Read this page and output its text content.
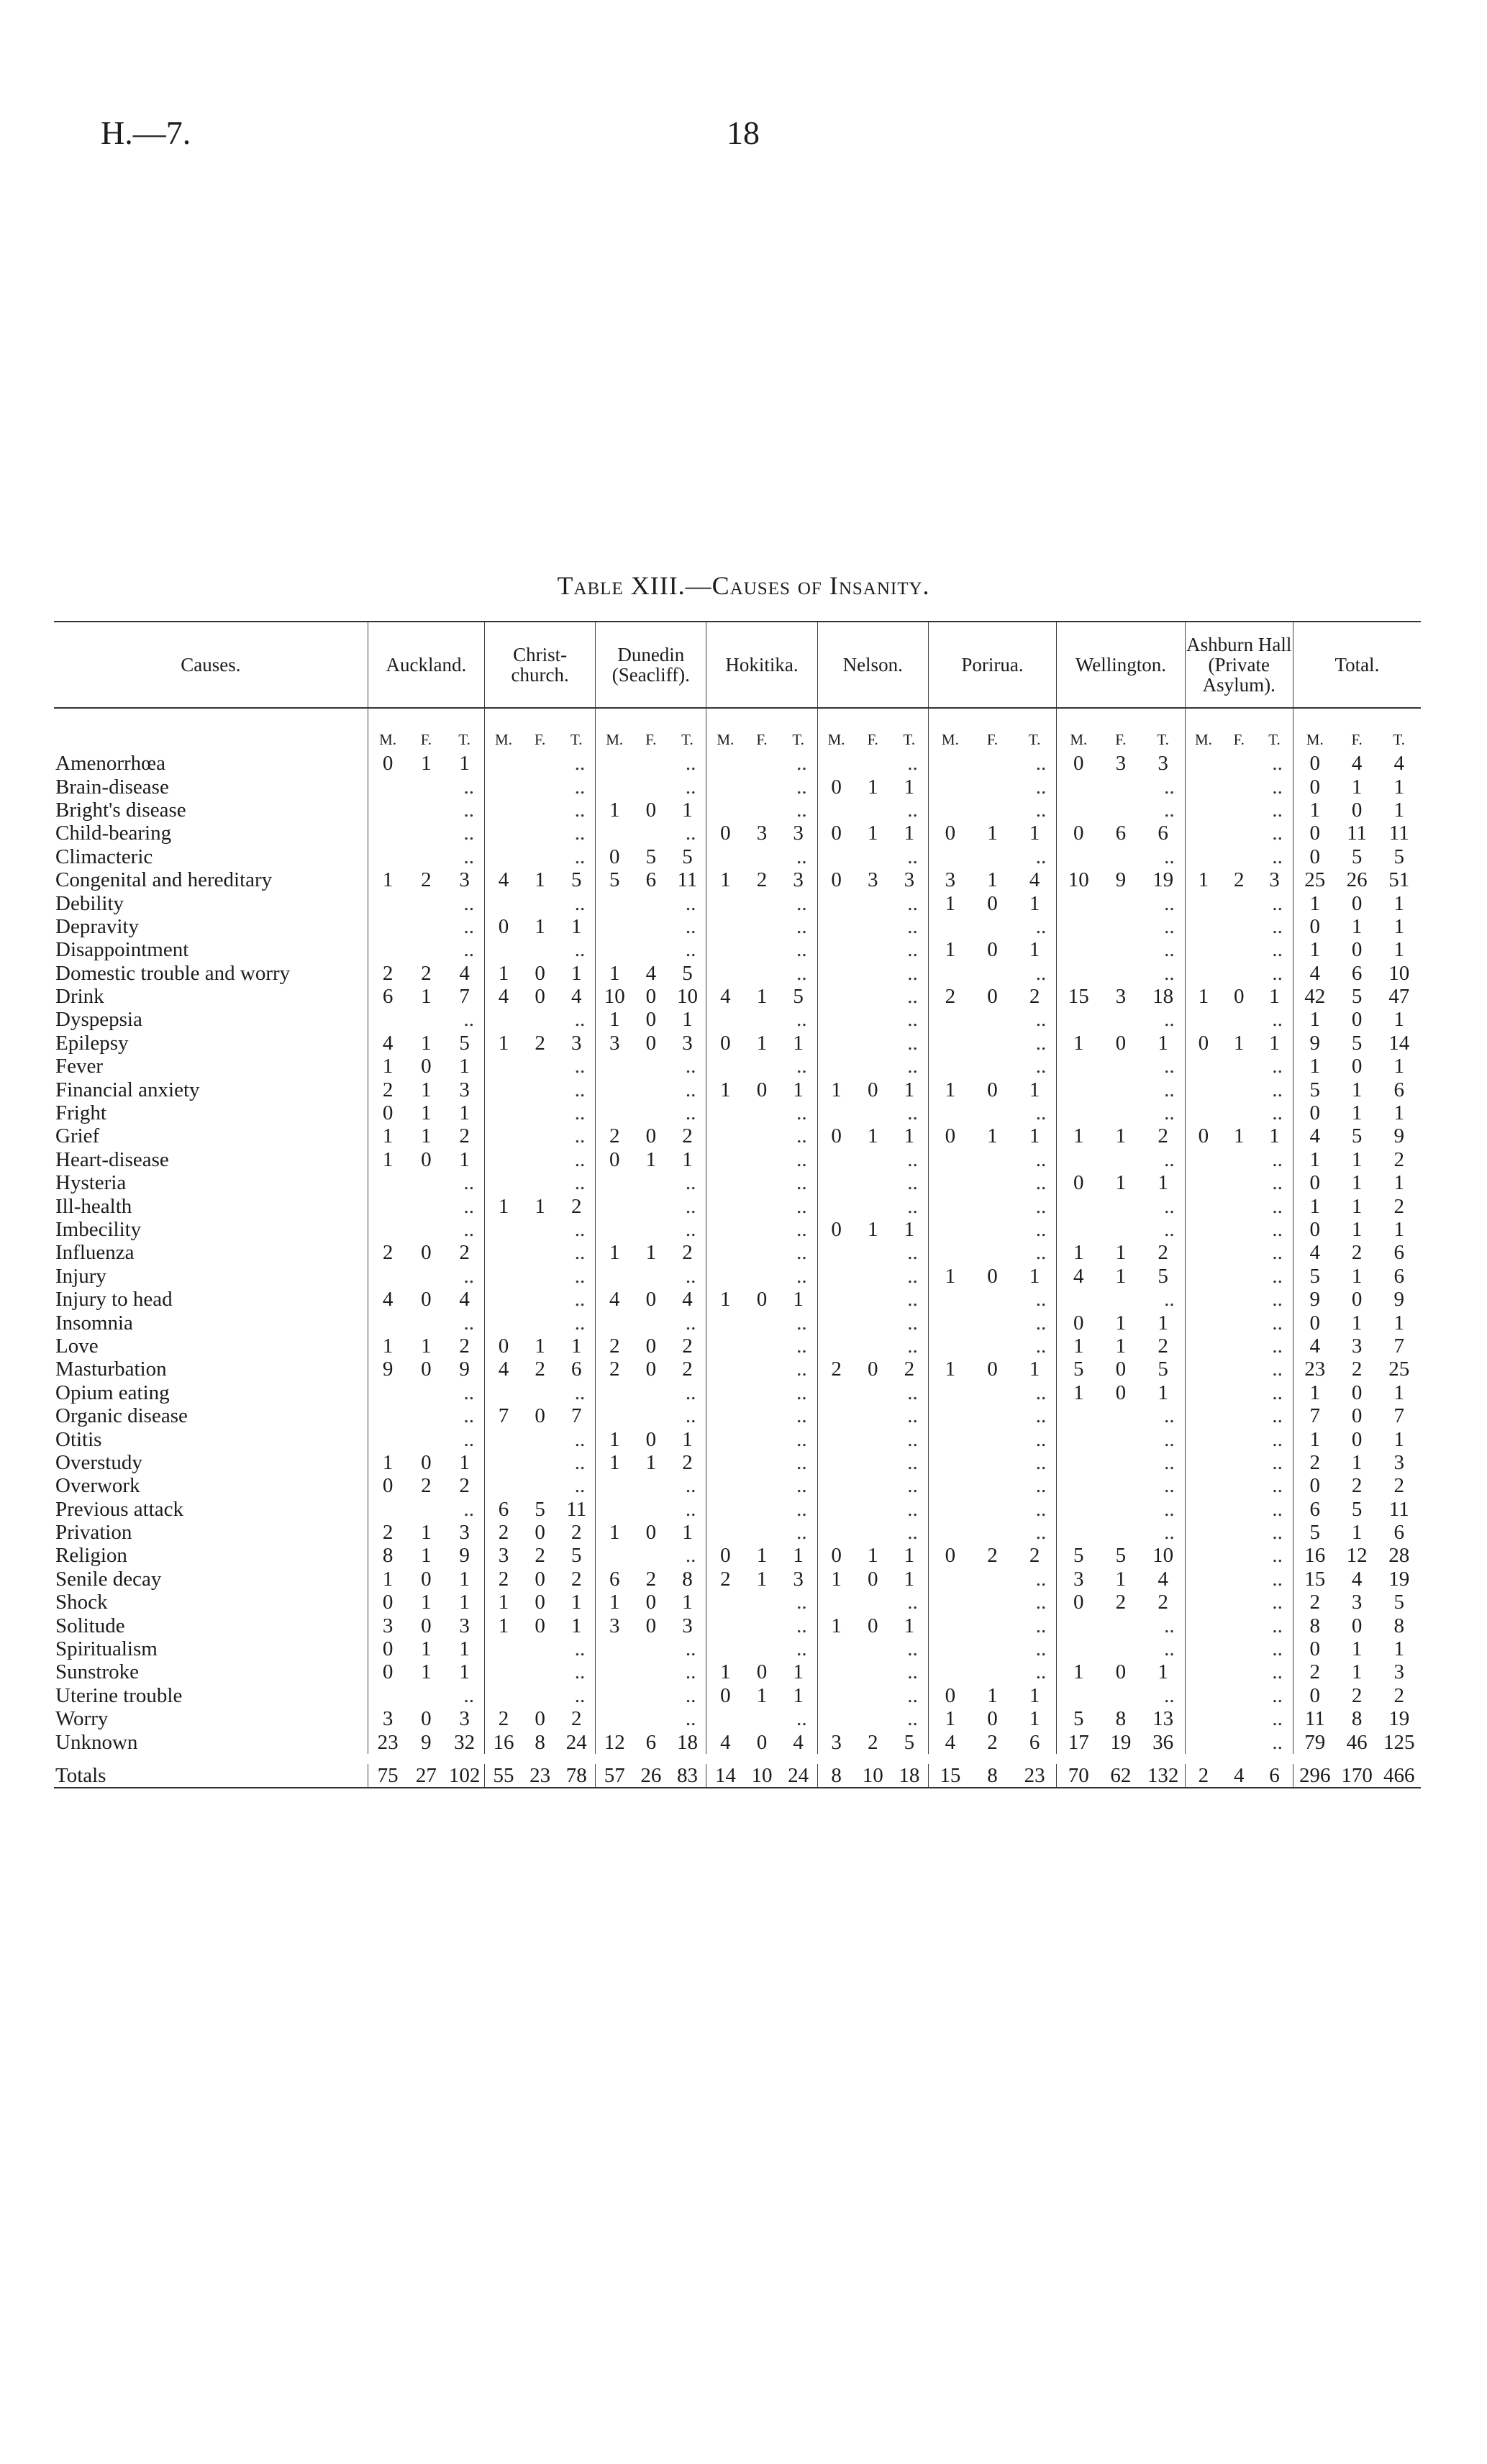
H.—7.	18
Table XIII.—Causes of Insanity.
Causes.	Auckland.			Christ-church.			Dunedin (Seacliff).			Hokitika.			Nelson.			Porirua.			Wellington.			Ashburn Hall (Private Asylum).			Total.		
	M.	F.	T.	M.	F.	T.	M.	F.	T.	M.	F.	T.	M.	F.	T.	M.	F.	T.	M.	F.	T.	M.	F.	T.	M.	F.	T.
Amenorrhœa	0	1	1	..			..			..			..			..			0	3	3	..			0	4	4
Brain-disease	..			..			..			..			0	1	1	..			..			..			0	1	1
Bright's disease	..			..			1	0	1	..			..			..			..			..			1	0	1
Child-bearing	..			..			..			0	3	3	0	1	1	0	1	1	0	6	6	..			0	11	11
Climacteric	..			..			0	5	5	..			..			..			..			..			0	5	5
Congenital and hereditary	1	2	3	4	1	5	5	6	11	1	2	3	0	3	3	3	1	4	10	9	19	1	2	3	25	26	51
Debility	..			..			..			..			..			1	0	1	..			..			1	0	1
Depravity	..			0	1	1	..			..			..			..			..			..			0	1	1
Disappointment	..			..			..			..			..			1	0	1	..			..			1	0	1
Domestic trouble and worry	2	2	4	1	0	1	1	4	5	..			..			..			..			..			4	6	10
Drink	6	1	7	4	0	4	10	0	10	4	1	5	..			2	0	2	15	3	18	1	0	1	42	5	47
Dyspepsia	..			..			1	0	1	..			..			..			..			..			1	0	1
Epilepsy	4	1	5	1	2	3	3	0	3	0	1	1	..			..			1	0	1	0	1	1	9	5	14
Fever	1	0	1	..			..			..			..			..			..			..			1	0	1
Financial anxiety	2	1	3	..			..			1	0	1	1	0	1	1	0	1	..			..			5	1	6
Fright	0	1	1	..			..			..			..			..			..			..			0	1	1
Grief	1	1	2	..			2	0	2	..			0	1	1	0	1	1	1	1	2	0	1	1	4	5	9
Heart-disease	1	0	1	..			0	1	1	..			..			..			..			..			1	1	2
Hysteria	..			..			..			..			..			..			0	1	1	..			0	1	1
Ill-health	..			1	1	2	..			..			..			..			..			..			1	1	2
Imbecility	..			..			..			..			0	1	1	..			..			..			0	1	1
Influenza	2	0	2	..			1	1	2	..			..			..			1	1	2	..			4	2	6
Injury	..			..			..			..			..			1	0	1	4	1	5	..			5	1	6
Injury to head	4	0	4	..			4	0	4	1	0	1	..			..			..			..			9	0	9
Insomnia	..			..			..			..			..			..			0	1	1	..			0	1	1
Love	1	1	2	0	1	1	2	0	2	..			..			..			1	1	2	..			4	3	7
Masturbation	9	0	9	4	2	6	2	0	2	..			2	0	2	1	0	1	5	0	5	..			23	2	25
Opium eating	..			..			..			..			..			..			1	0	1	..			1	0	1
Organic disease	..			7	0	7	..			..			..			..			..			..			7	0	7
Otitis	..			..			1	0	1	..			..			..			..			..			1	0	1
Overstudy	1	0	1	..			1	1	2	..			..			..			..			..			2	1	3
Overwork	0	2	2	..			..			..			..			..			..			..			0	2	2
Previous attack	..			6	5	11	..			..			..			..			..			..			6	5	11
Privation	2	1	3	2	0	2	1	0	1	..			..			..			..			..			5	1	6
Religion	8	1	9	3	2	5	..			0	1	1	0	1	1	0	2	2	5	5	10	..			16	12	28
Senile decay	1	0	1	2	0	2	6	2	8	2	1	3	1	0	1	..			3	1	4	..			15	4	19
Shock	0	1	1	1	0	1	1	0	1	..			..			..			0	2	2	..			2	3	5
Solitude	3	0	3	1	0	1	3	0	3	..			1	0	1	..			..			..			8	0	8
Spiritualism	0	1	1	..			..			..			..			..			..			..			0	1	1
Sunstroke	0	1	1	..			..			1	0	1	..			..			1	0	1	..			2	1	3
Uterine trouble	..			..			..			0	1	1	..			0	1	1	..			..			0	2	2
Worry	3	0	3	2	0	2	..			..			..			1	0	1	5	8	13	..			11	8	19
Unknown	23	9	32	16	8	24	12	6	18	4	0	4	3	2	5	4	2	6	17	19	36	..			79	46	125

Totals	75	27	102	55	23	78	57	26	83	14	10	24	8	10	18	15	8	23	70	62	132	2	4	6	296	170	466
